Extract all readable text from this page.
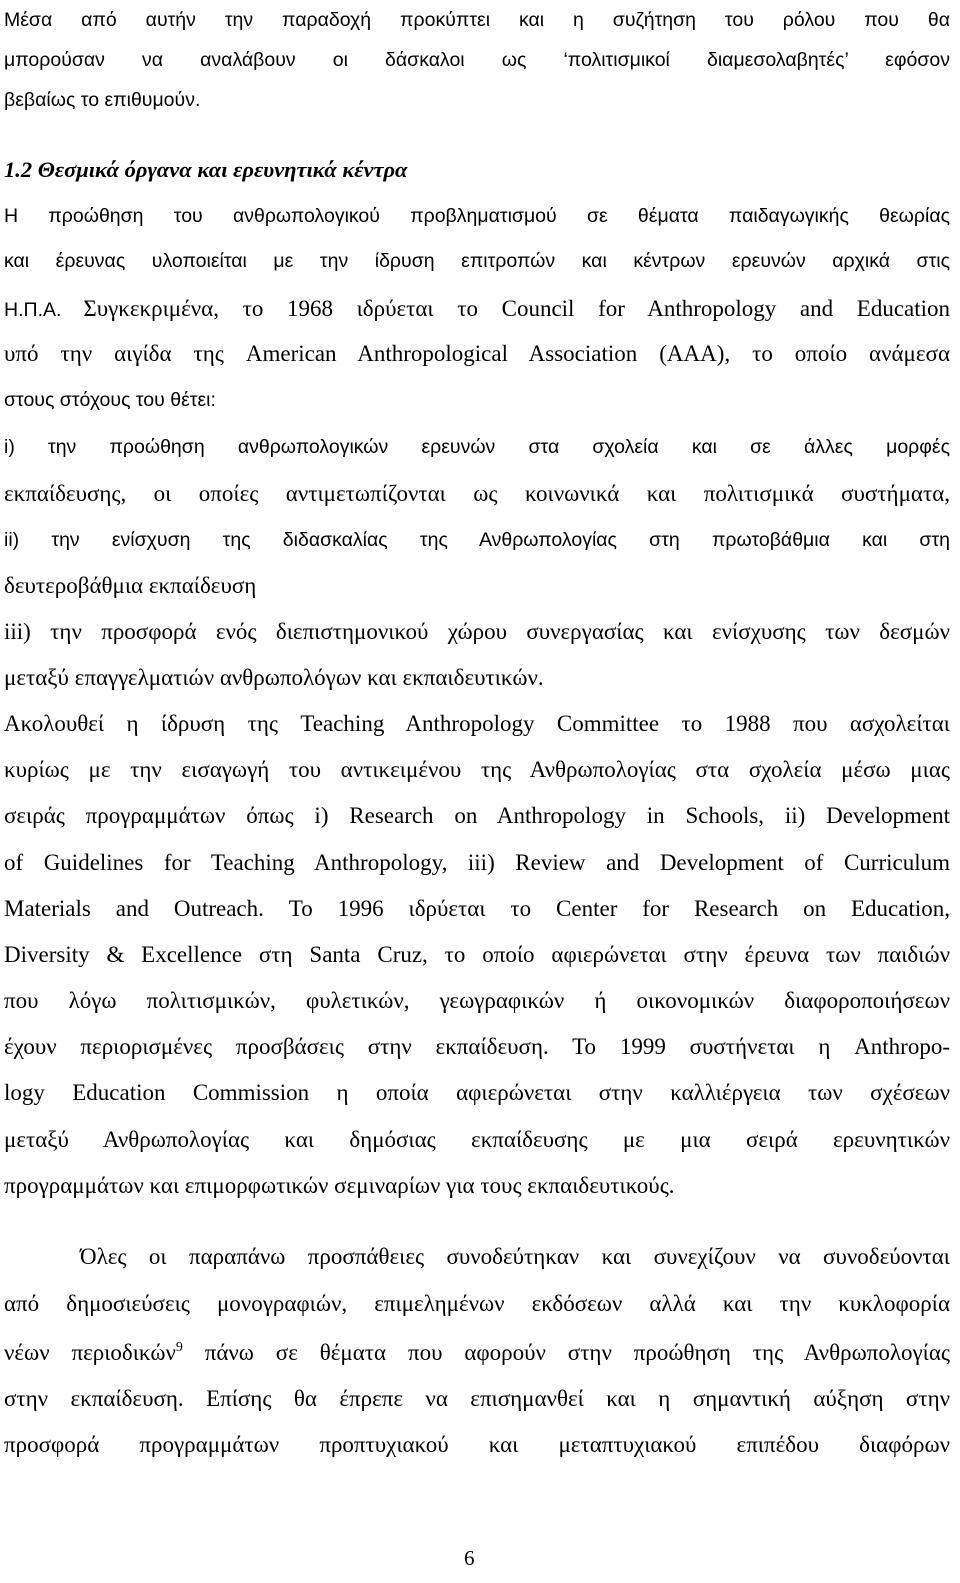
Μέσα από αυτήν την παραδοχή προκύπτει και η συζήτηση του ρόλου που θα
μπορούσαν να αναλάβουν οι δάσκαλοι ως ‘πολιτισμικοί διαμεσολαβητές’ εφόσον
βεβαίως το επιθυμούν.
1.2 Θεσμικά όργανα και ερευνητικά κέντρα
Η προώθηση του ανθρωπολογικού προβληματισμού σε θέματα παιδαγωγικής θεωρίας
και έρευνας υλοποιείται με την ίδρυση επιτροπών και κέντρων ερευνών αρχικά στις
Η.Π.Α. Συγκεκριμένα, το 1968 ιδρύεται το Council for Anthropology and Education
υπό την αιγίδα της American Anthropological Association (AAA), το οποίο ανάμεσα
στους στόχους του θέτει:
i) την προώθηση ανθρωπολογικών ερευνών στα σχολεία και σε άλλες μορφές
εκπαίδευσης, οι οποίες αντιμετωπίζονται ως κοινωνικά και πολιτισμικά συστήματα,
ii) την ενίσχυση της διδασκαλίας της Ανθρωπολογίας στη πρωτοβάθμια και στη
δευτεροβάθμια εκπαίδευση
iii) την προσφορά ενός διεπιστημονικού χώρου συνεργασίας και ενίσχυσης των δεσμών
μεταξύ επαγγελματιών ανθρωπολόγων και εκπαιδευτικών.
Ακολουθεί η ίδρυση της Teaching Anthropology Committee το 1988 που ασχολείται
κυρίως με την εισαγωγή του αντικειμένου της Ανθρωπολογίας στα σχολεία μέσω μιας
σειράς προγραμμάτων όπως i) Research on Anthropology in Schools, ii) Development
of Guidelines for Teaching Anthropology, iii) Review and Development of Curriculum
Materials and Outreach. Το 1996 ιδρύεται το Center for Research on Education,
Diversity & Excellence στη Santa Cruz, το οποίο αφιερώνεται στην έρευνα των παιδιών
που λόγω πολιτισμικών, φυλετικών, γεωγραφικών ή οικονομικών διαφοροποιήσεων
έχουν περιορισμένες προσβάσεις στην εκπαίδευση. Το 1999 συστήνεται η Anthropo-
logy Education Commission η οποία αφιερώνεται στην καλλιέργεια των σχέσεων
μεταξύ Ανθρωπολογίας και δημόσιας εκπαίδευσης με μια σειρά ερευνητικών
προγραμμάτων και επιμορφωτικών σεμιναρίων για τους εκπαιδευτικούς.
Όλες οι παραπάνω προσπάθειες συνοδεύτηκαν και συνεχίζουν να συνοδεύονται
από δημοσιεύσεις μονογραφιών, επιμελημένων εκδόσεων αλλά και την κυκλοφορία
νέων περιοδικών$^9$ πάνω σε θέματα που αφορούν στην προώθηση της Ανθρωπολογίας
στην εκπαίδευση. Επίσης θα έπρεπε να επισημανθεί και η σημαντική αύξηση στην
προσφορά προγραμμάτων προπτυχιακού και μεταπτυχιακού επιπέδου διαφόρων
6
